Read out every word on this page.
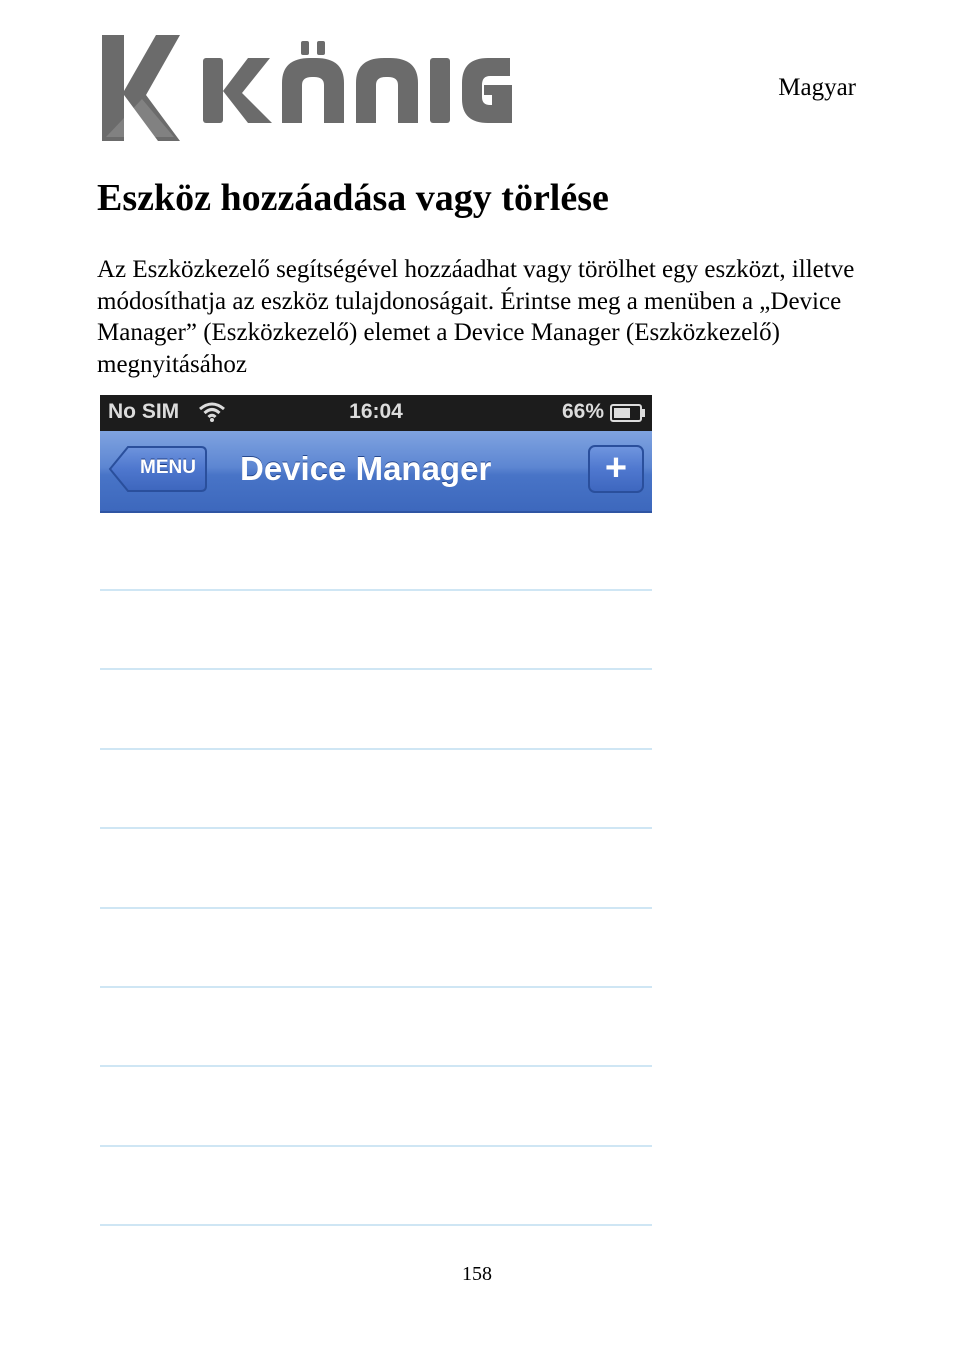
Magyar
Eszköz hozzáadása vagy törlése

Az Eszközkezelő segítségével hozzáadhat vagy törölhet egy eszközt, illetve módosíthatja az eszköz tulajdonoságait. Érintse meg a menüben a „Device Manager” (Eszközkezelő) elemet a Device Manager (Eszközkezelő) megnyitásához

No SIM	16:04	66%
MENU	Device Manager	+
158
